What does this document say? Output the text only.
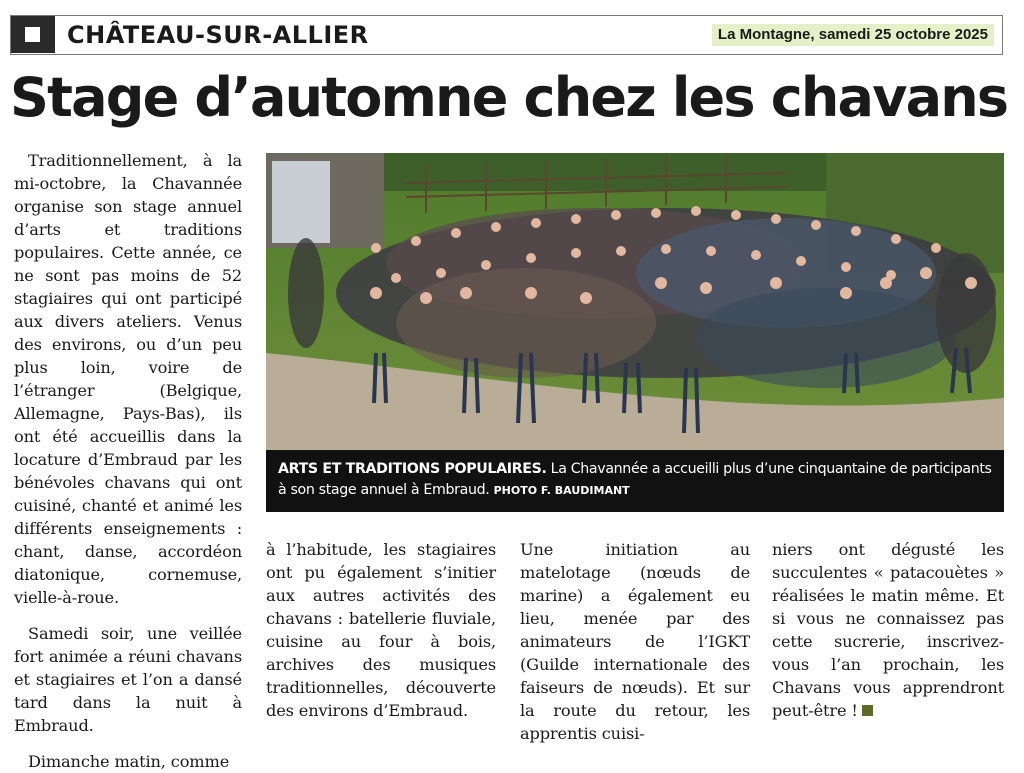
CHÂTEAU-SUR-ALLIER	La Montagne, samedi 25 octobre 2025
Stage d’automne chez les chavans

Traditionnellement, à la mi-octobre, la Chavannée organise son stage annuel d’arts et traditions populaires. Cette année, ce ne sont pas moins de 52 stagiaires qui ont participé aux divers ateliers. Venus des environs, ou d’un peu plus loin, voire de l’étranger (Belgique, Allemagne, Pays-Bas), ils ont été accueillis dans la locature d’Embraud par les bénévoles chavans qui ont cuisiné, chanté et animé les différents enseignements : chant, danse, accordéon diatonique, cornemuse, vielle-à-roue.

Samedi soir, une veillée fort animée a réuni chavans et stagiaires et l’on a dansé tard dans la nuit à Embraud.

Dimanche matin, comme

ARTS ET TRADITIONS POPULAIRES. La Chavannée a accueilli plus d’une cinquantaine de participants à son stage annuel à Embraud. PHOTO F. BAUDIMANT

à l’habitude, les stagiaires ont pu également s’initier aux autres activités des chavans : batellerie fluviale, cuisine au four à bois, archives des musiques traditionnelles, découverte des environs d’Embraud.

Une initiation au matelotage (nœuds de marine) a également eu lieu, menée par des animateurs de l’IGKT (Guilde internationale des faiseurs de nœuds). Et sur la route du retour, les apprentis cuisi-

niers ont dégusté les succulentes « patacouètes » réalisées le matin même. Et si vous ne connaissez pas cette sucrerie, inscrivez-vous l’an prochain, les Chavans vous apprendront peut-être !
